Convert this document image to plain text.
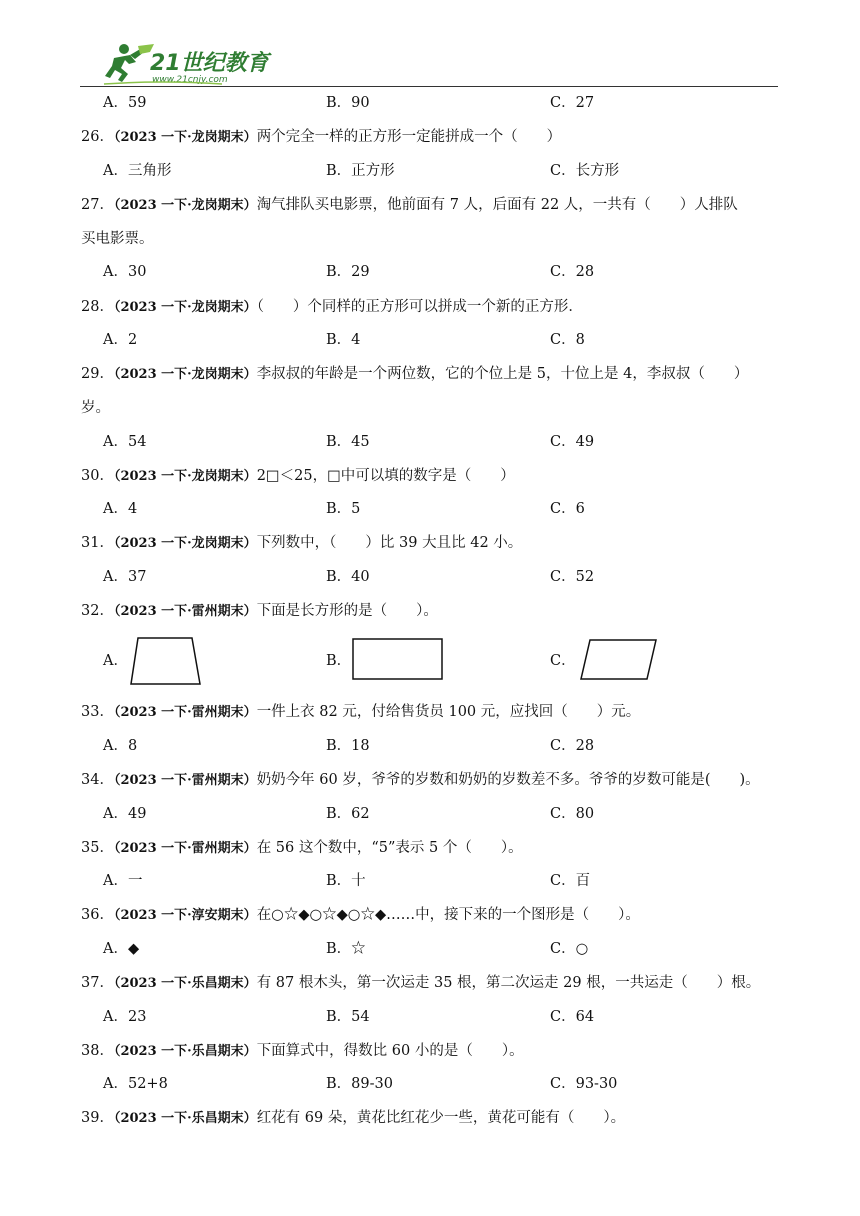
21世纪教育
www.21cnjy.com
A．59	B．90	C．27
26．（2023 一下·龙岗期末）两个完全一样的正方形一定能拼成一个（　　）
A．三角形	B．正方形	C．长方形
27．（2023 一下·龙岗期末）淘气排队买电影票，他前面有 7 人，后面有 22 人，一共有（　　）人排队
买电影票。
A．30	B．29	C．28
28．（2023 一下·龙岗期末）（　　）个同样的正方形可以拼成一个新的正方形．
A．2	B．4	C．8
29．（2023 一下·龙岗期末）李叔叔的年龄是一个两位数，它的个位上是 5，十位上是 4，李叔叔（　　）
岁。
A．54	B．45	C．49
30．（2023 一下·龙岗期末）2□＜25，□中可以填的数字是（　　）
A．4	B．5	C．6
31．（2023 一下·龙岗期末）下列数中，（　　）比 39 大且比 42 小。
A．37	B．40	C．52
32．（2023 一下·雷州期末）下面是长方形的是（　　）。
A．	B．	C．
33．（2023 一下·雷州期末）一件上衣 82 元，付给售货员 100 元，应找回（　　）元。
A．8	B．18	C．28
34．（2023 一下·雷州期末）奶奶今年 60 岁，爷爷的岁数和奶奶的岁数差不多。爷爷的岁数可能是(　　)。
A．49	B．62	C．80
35．（2023 一下·雷州期末）在 56 这个数中，“5”表示 5 个（　　）。
A．一	B．十	C．百
36．（2023 一下·淳安期末）在○☆◆○☆◆○☆◆……中，接下来的一个图形是（　　）。
A．◆	B．☆	C．○
37．（2023 一下·乐昌期末）有 87 根木头，第一次运走 35 根，第二次运走 29 根，一共运走（　　）根。
A．23	B．54	C．64
38．（2023 一下·乐昌期末）下面算式中，得数比 60 小的是（　　）。
A．52+8	B．89-30	C．93-30
39．（2023 一下·乐昌期末）红花有 69 朵，黄花比红花少一些，黄花可能有（　　）。
